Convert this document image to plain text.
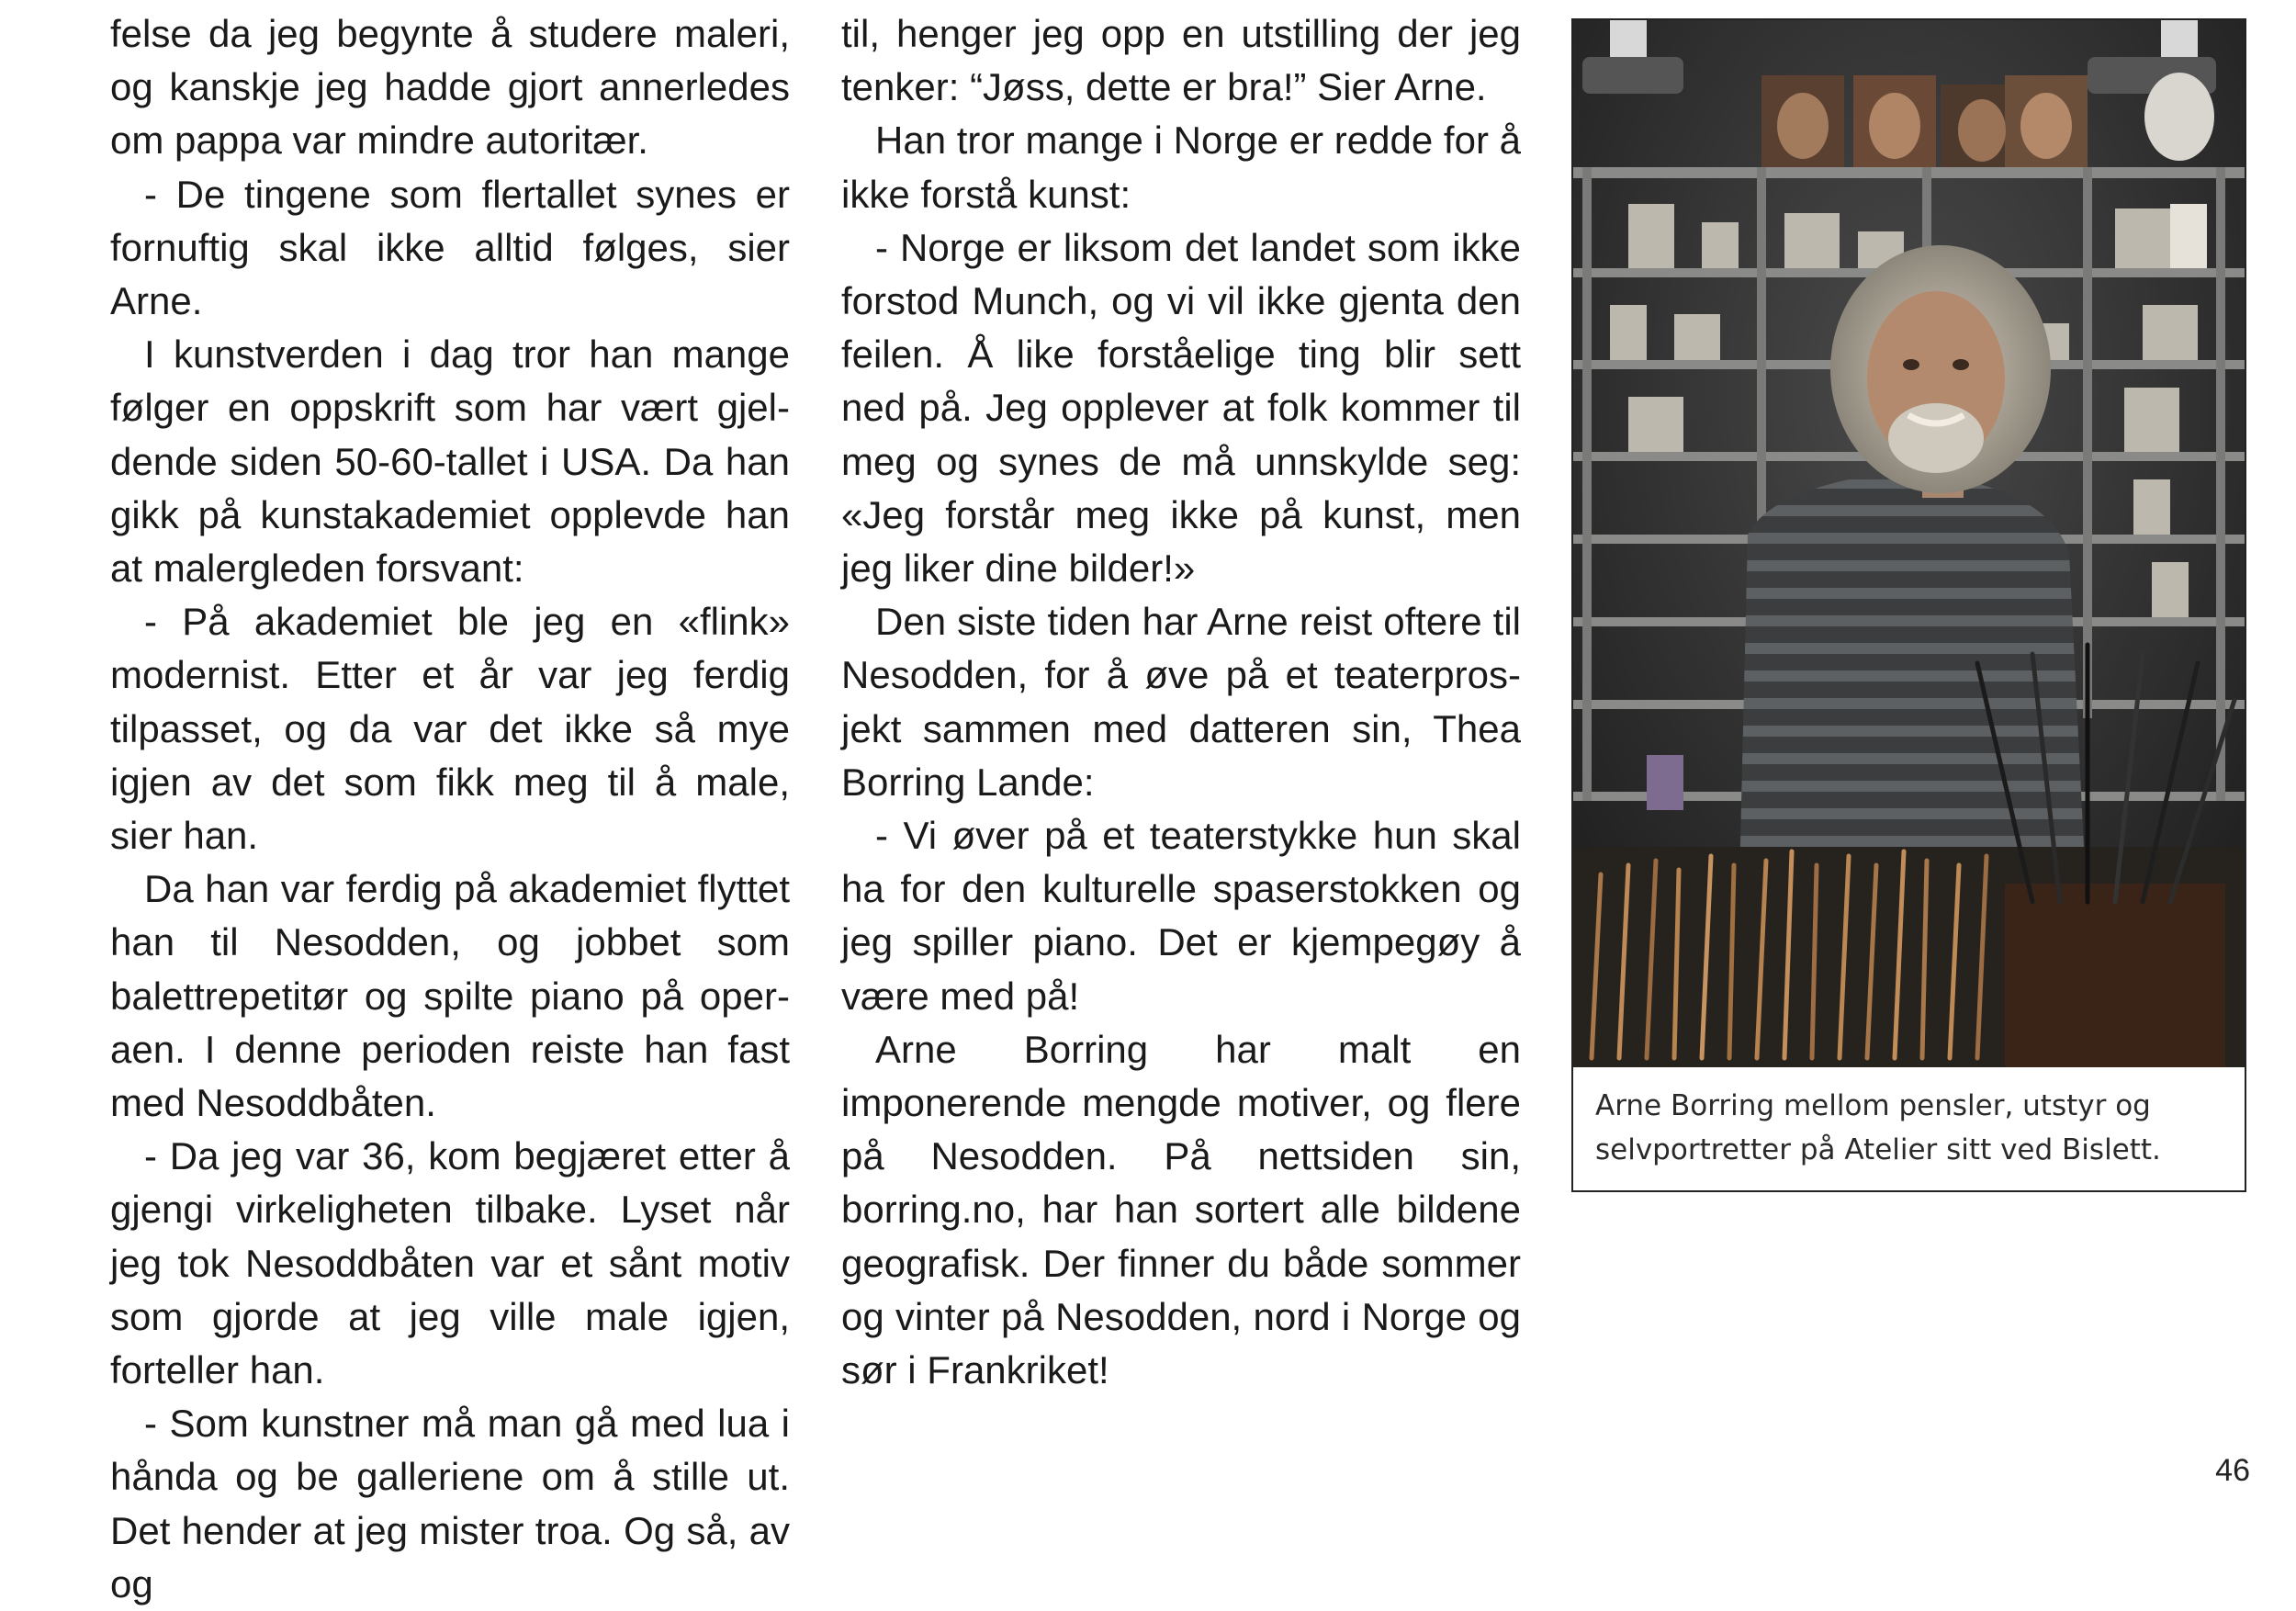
felse da jeg begynte å studere maleri, og kanskje jeg hadde gjort annerledes om pappa var mindre autoritær.

- De tingene som flertallet synes er fornuftig skal ikke alltid følges, sier Arne.

I kunstverden i dag tror han mange følger en oppskrift som har vært gjeldende siden 50-60-tallet i USA. Da han gikk på kunstakademiet opplevde han at malergleden forsvant:

- På akademiet ble jeg en «flink» modernist. Etter et år var jeg ferdig tilpasset, og da var det ikke så mye igjen av det som fikk meg til å male, sier han.

Da han var ferdig på akademiet flyttet han til Nesodden, og jobbet som balettrepetitør og spilte piano på operaen. I denne perioden reiste han fast med Nesoddbåten.

- Da jeg var 36, kom begjæret etter å gjengi virkeligheten tilbake. Lyset når jeg tok Nesoddbåten var et sånt motiv som gjorde at jeg ville male igjen, forteller han.

- Som kunstner må man gå med lua i hånda og be galleriene om å stille ut. Det hender at jeg mister troa. Og så, av og

til, henger jeg opp en utstilling der jeg tenker: “Jøss, dette er bra!” Sier Arne.

Han tror mange i Norge er redde for å ikke forstå kunst:

- Norge er liksom det landet som ikke forstod Munch, og vi vil ikke gjenta den feilen. Å like forståelige ting blir sett ned på. Jeg opplever at folk kommer til meg og synes de må unnskylde seg: «Jeg forstår meg ikke på kunst, men jeg liker dine bilder!»

Den siste tiden har Arne reist oftere til Nesodden, for å øve på et teaterprosjekt sammen med datteren sin, Thea Borring Lande:

- Vi øver på et teaterstykke hun skal ha for den kulturelle spaserstokken og jeg spiller piano. Det er kjempegøy å være med på!

Arne Borring har malt en imponerende mengde motiver, og flere på Nesodden. På nettsiden sin, borring.no, har han sortert alle bildene geografisk. Der finner du både sommer og vinter på Nesodden, nord i Norge og sør i Frankriket!

Arne Borring mellom pensler, utstyr og selvportretter på Atelier sitt ved Bislett.
46
